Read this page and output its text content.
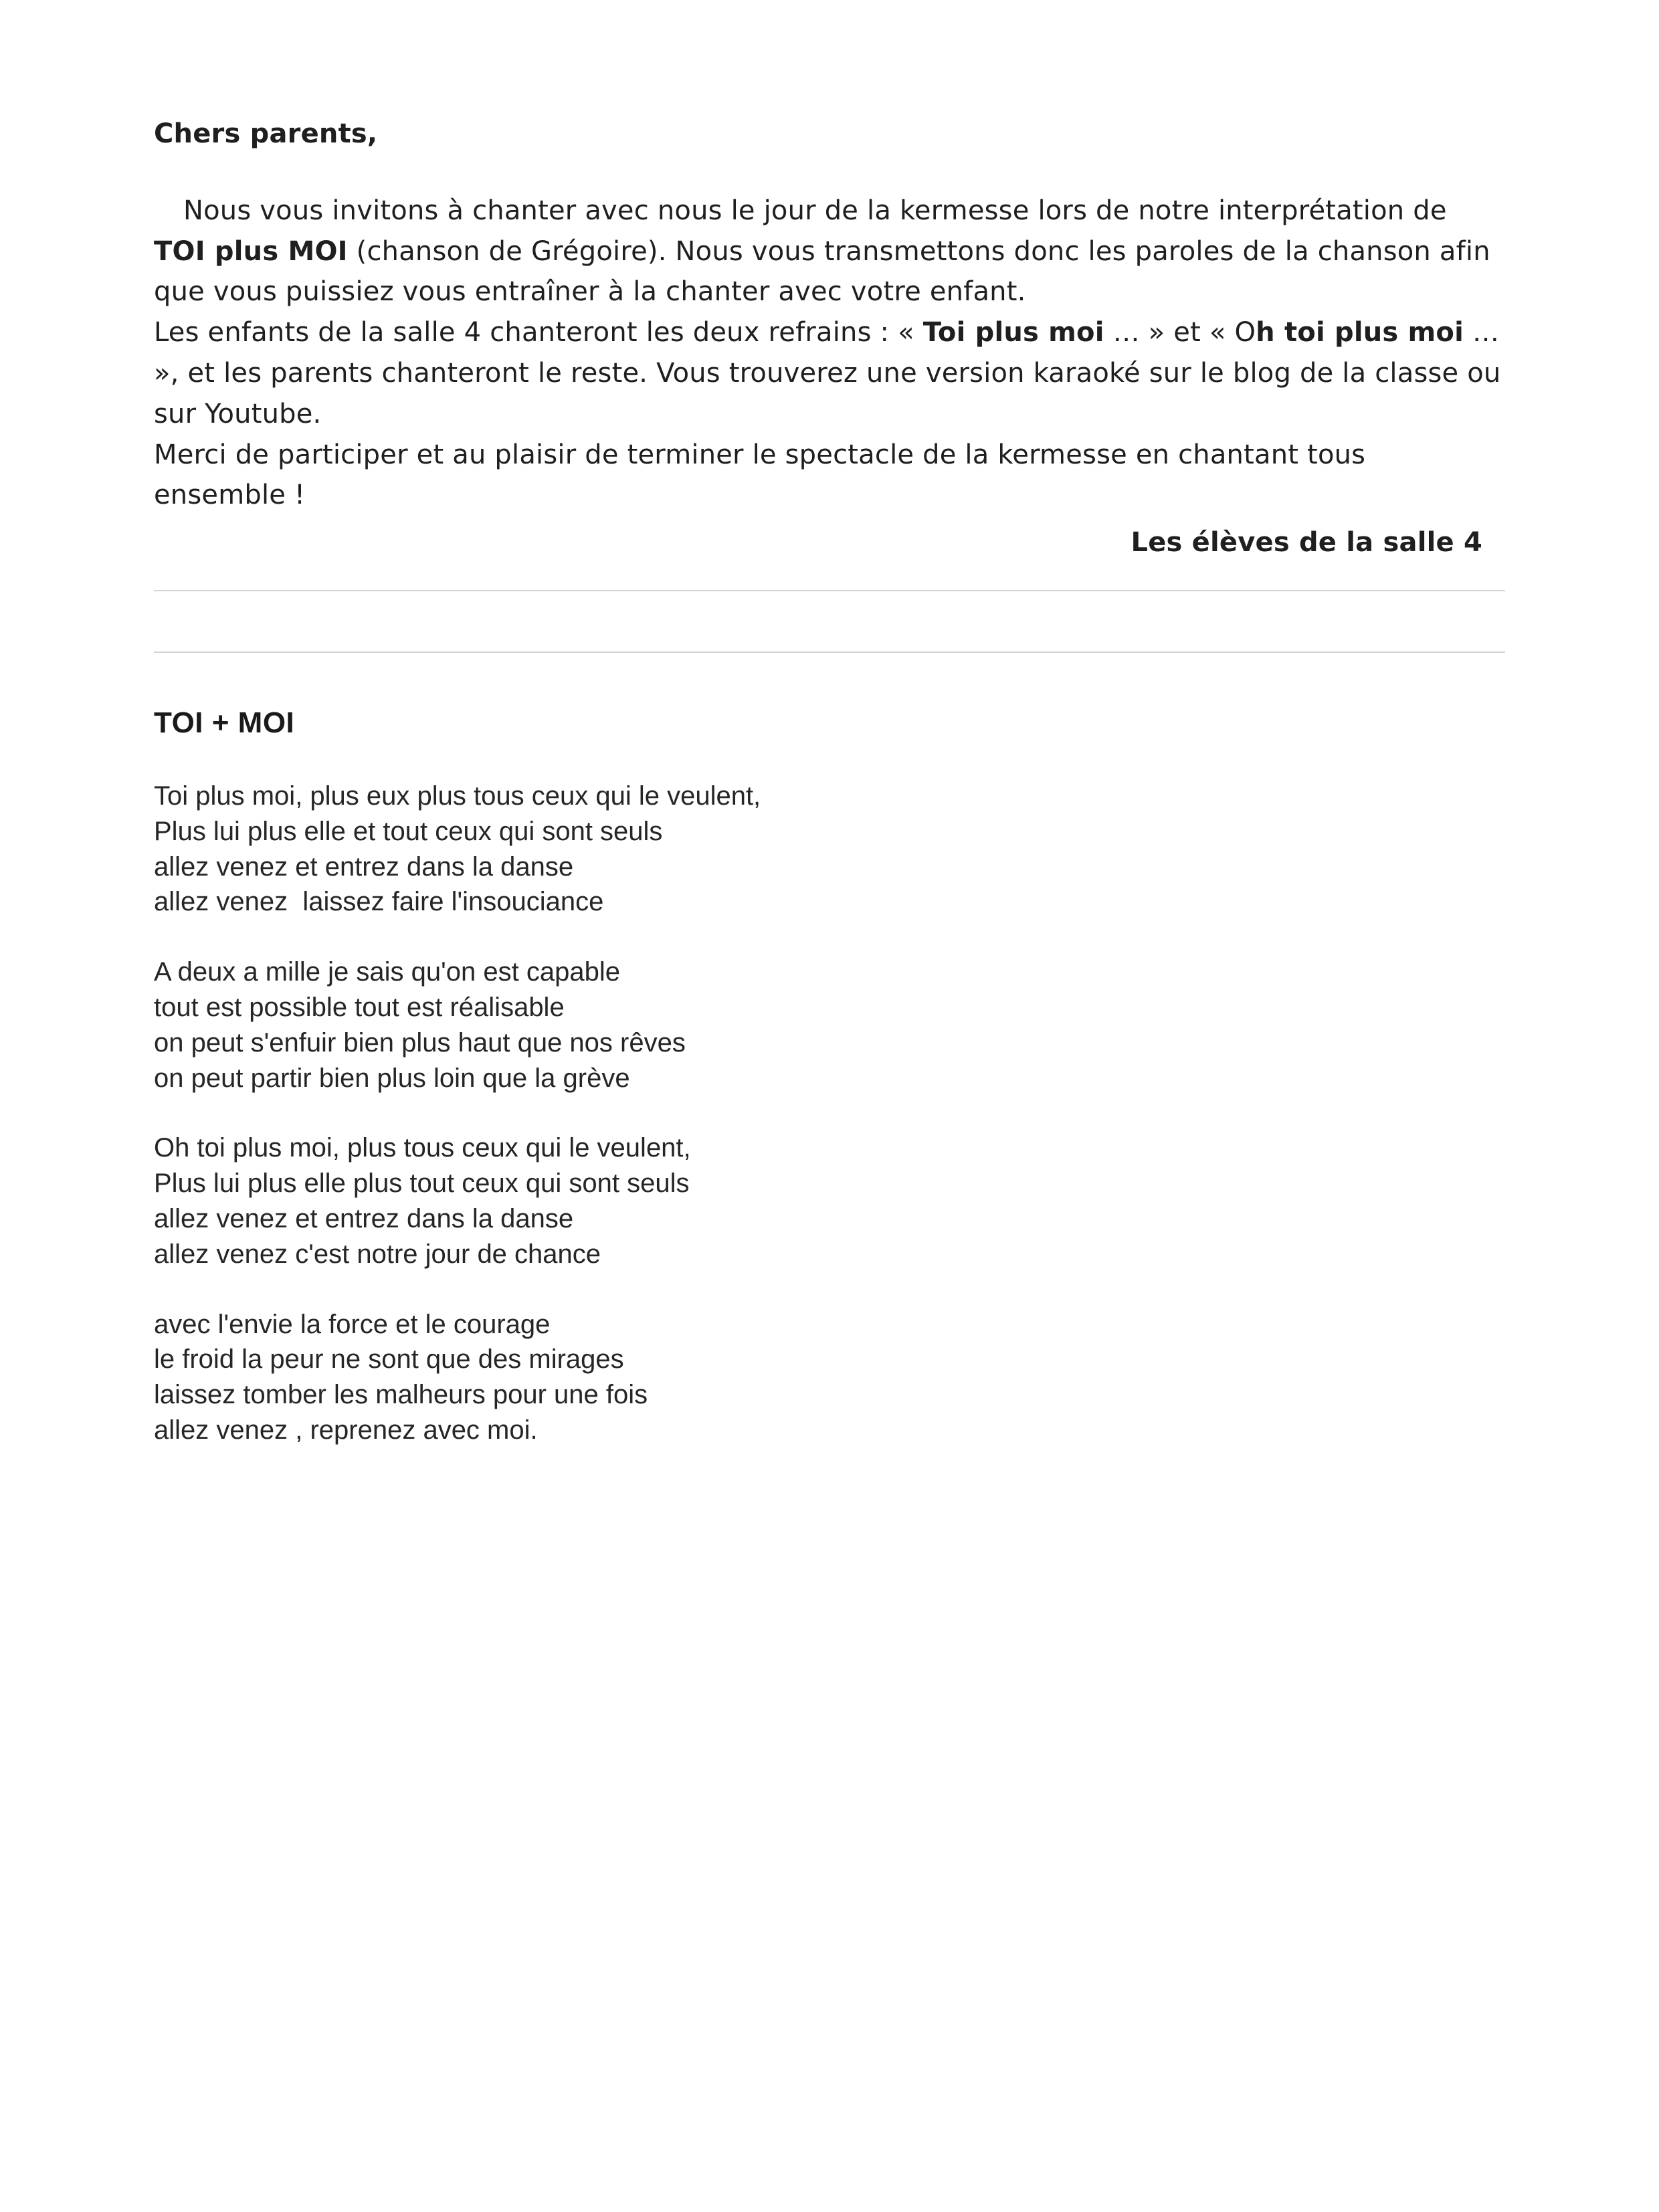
Chers parents,

Nous vous invitons à chanter avec nous le jour de la kermesse lors de notre interprétation de TOI plus MOI (chanson de Grégoire). Nous vous transmettons donc les paroles de la chanson afin que vous puissiez vous entraîner à la chanter avec votre enfant.

Les enfants de la salle 4 chanteront les deux refrains : « Toi plus moi … » et « Oh toi plus moi … », et les parents chanteront le reste. Vous trouverez une version karaoké sur le blog de la classe ou sur Youtube.

Merci de participer et au plaisir de terminer le spectacle de la kermesse en chantant tous ensemble !

Les élèves de la salle 4

TOI + MOI

Toi plus moi, plus eux plus tous ceux qui le veulent,
Plus lui plus elle et tout ceux qui sont seuls
allez venez et entrez dans la danse
allez venez  laissez faire l'insouciance

A deux a mille je sais qu'on est capable
tout est possible tout est réalisable
on peut s'enfuir bien plus haut que nos rêves
on peut partir bien plus loin que la grève

Oh toi plus moi, plus tous ceux qui le veulent,
Plus lui plus elle plus tout ceux qui sont seuls
allez venez et entrez dans la danse
allez venez c'est notre jour de chance

avec l'envie la force et le courage
le froid la peur ne sont que des mirages
laissez tomber les malheurs pour une fois
allez venez , reprenez avec moi.
